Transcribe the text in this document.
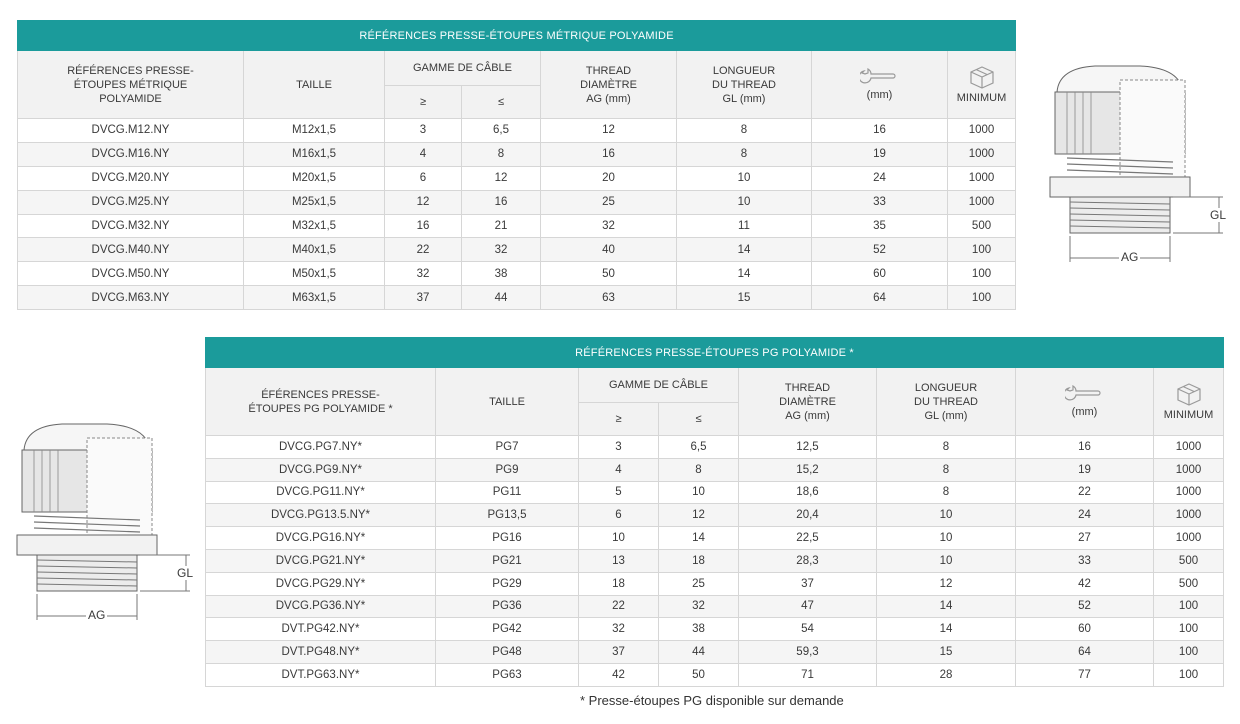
RÉFÉRENCES PRESSE-ÉTOUPES MÉTRIQUE POLYAMIDE							
RÉFÉRENCES PRESSE-ÉTOUPES MÉTRIQUE POLYAMIDE	TAILLE	GAMME DE CÂBLE		THREAD DIAMÈTRE AG (mm)	LONGUEUR DU THREAD GL (mm)	(mm)	MINIMUM
		≥	≤				
DVCG.M12.NY	M12x1,5	3	6,5	12	8	16	1000
DVCG.M16.NY	M16x1,5	4	8	16	8	19	1000
DVCG.M20.NY	M20x1,5	6	12	20	10	24	1000
DVCG.M25.NY	M25x1,5	12	16	25	10	33	1000
DVCG.M32.NY	M32x1,5	16	21	32	11	35	500
DVCG.M40.NY	M40x1,5	22	32	40	14	52	100
DVCG.M50.NY	M50x1,5	32	38	50	14	60	100
DVCG.M63.NY	M63x1,5	37	44	63	15	64	100
GL
AG
RÉFÉRENCES PRESSE-ÉTOUPES PG POLYAMIDE *							
ÉFÉRENCES PRESSE-ÉTOUPES PG POLYAMIDE *	TAILLE	GAMME DE CÂBLE		THREAD DIAMÈTRE AG (mm)	LONGUEUR DU THREAD GL (mm)	(mm)	MINIMUM
		≥	≤				
DVCG.PG7.NY*	PG7	3	6,5	12,5	8	16	1000
DVCG.PG9.NY*	PG9	4	8	15,2	8	19	1000
DVCG.PG11.NY*	PG11	5	10	18,6	8	22	1000
DVCG.PG13.5.NY*	PG13,5	6	12	20,4	10	24	1000
DVCG.PG16.NY*	PG16	10	14	22,5	10	27	1000
DVCG.PG21.NY*	PG21	13	18	28,3	10	33	500
DVCG.PG29.NY*	PG29	18	25	37	12	42	500
DVCG.PG36.NY*	PG36	22	32	47	14	52	100
DVT.PG42.NY*	PG42	32	38	54	14	60	100
DVT.PG48.NY*	PG48	37	44	59,3	15	64	100
DVT.PG63.NY*	PG63	42	50	71	28	77	100
GL
AG
* Presse-étoupes PG disponible sur demande
